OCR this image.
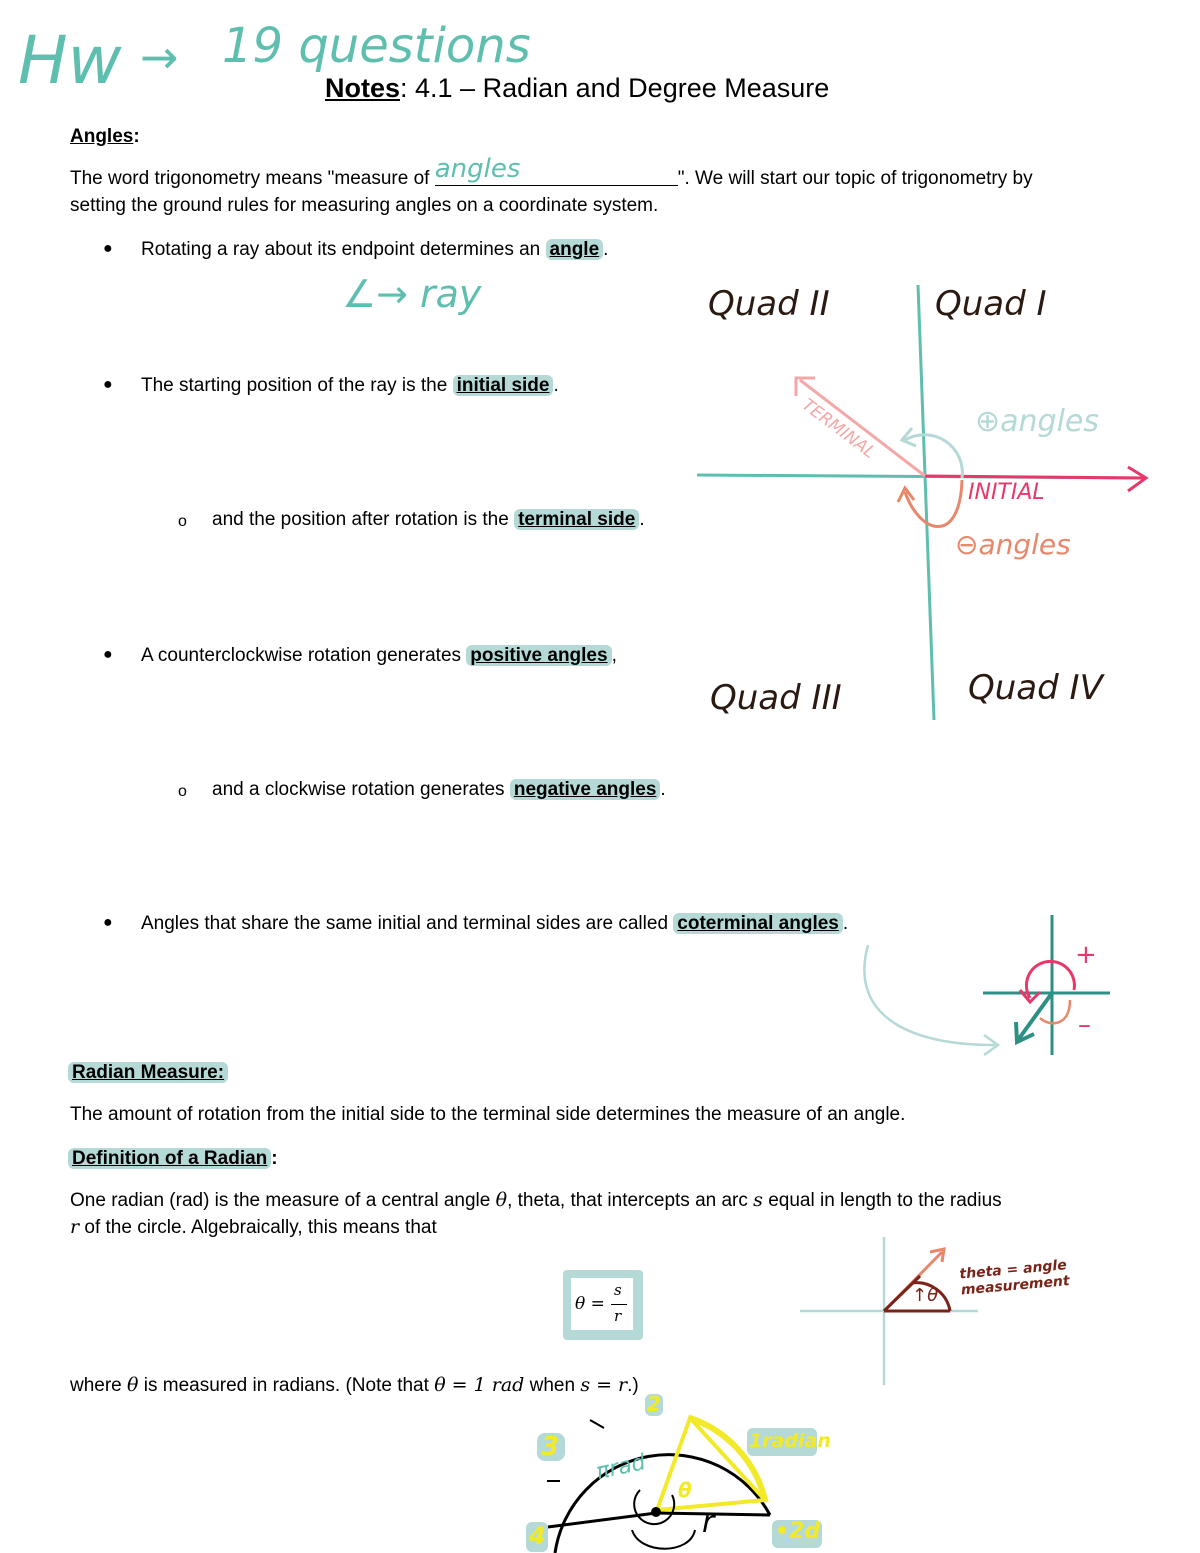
Hw → 19 questions
Notes: 4.1 – Radian and Degree Measure
Angles:
The word trigonometry means "measure of angles	". We will start our topic of trigonometry by
setting the ground rules for measuring angles on a coordinate system.
● Rotating a ray about its endpoint determines an angle .
∠→ ray
● The starting position of the ray is the initial side .
o and the position after rotation is the terminal side .
● A counterclockwise rotation generates positive angles ,
o and a clockwise rotation generates negative angles .
● Angles that share the same initial and terminal sides are called coterminal angles .
Quad II	Quad I
Quad III	Quad IV
TERMINAL
INITIAL
⊕angles
⊖angles
+
–
Radian Measure:
The amount of rotation from the initial side to the terminal side determines the measure of an angle.
Definition of a Radian :
One radian (rad) is the measure of a central angle θ, theta, that intercepts an arc s equal in length to the radius
r of the circle. Algebraically, this means that
θ =
s
r
↑θ
theta = angle measurement
where θ is measured in radians. (Note that θ = 1 rad when s = r.)
2
3
4
πrad
1radian
θ
r	•2d
